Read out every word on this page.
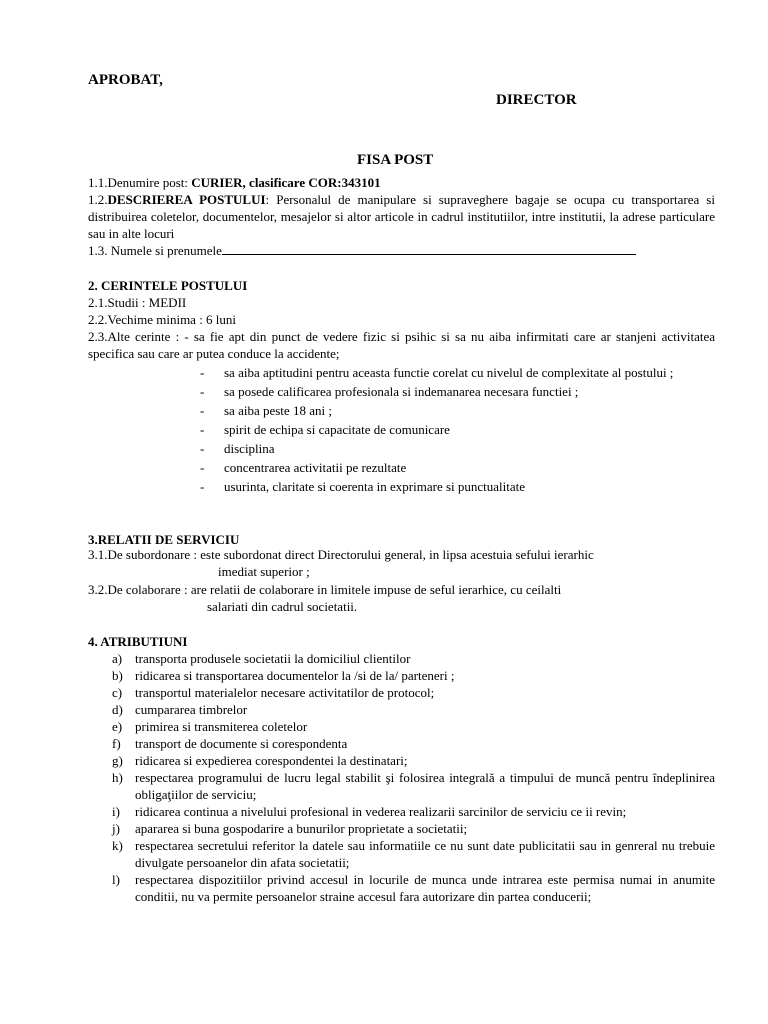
APROBAT,
DIRECTOR
FISA POST
1.1.Denumire post: CURIER, clasificare COR:343101
1.2.DESCRIEREA POSTULUI: Personalul de manipulare si supraveghere bagaje se ocupa cu transportarea si distribuirea coletelor, documentelor, mesajelor si altor articole in cadrul institutiilor, intre institutii, la adrese particulare sau in alte locuri
1.3. Numele si prenumele
2. CERINTELE POSTULUI
2.1.Studii : MEDII
2.2.Vechime minima : 6 luni
2.3.Alte cerinte : - sa fie apt din punct de vedere fizic si psihic si sa nu aiba infirmitati care ar stanjeni activitatea specifica sau care ar putea conduce la accidente;
- sa aiba aptitudini pentru aceasta functie corelat cu nivelul de complexitate al postului ;
- sa posede calificarea profesionala si indemanarea necesara functiei ;
- sa aiba peste 18 ani ;
- spirit de echipa si capacitate de comunicare
- disciplina
- concentrarea activitatii pe rezultate
- usurinta, claritate si coerenta in exprimare si punctualitate
3.RELATII DE SERVICIU
3.1.De subordonare : este subordonat direct Directorului general, in lipsa acestuia sefului ierarhic
imediat superior ;
3.2.De colaborare : are relatii de colaborare in limitele impuse de seful ierarhice, cu ceilalti
salariati din cadrul societatii.
4. ATRIBUTIUNI
a) transporta produsele societatii la domiciliul clientilor
b) ridicarea si transportarea documentelor la /si de la/ parteneri ;
c) transportul materialelor necesare activitatilor de protocol;
d) cumpararea timbrelor
e) primirea si transmiterea coletelor
f) transport de documente si corespondenta
g) ridicarea si expedierea corespondentei la destinatari;
h) respectarea programului de lucru legal stabilit şi folosirea integrală a timpului de muncă pentru îndeplinirea obligaţiilor de serviciu;
i) ridicarea continua a nivelului profesional in vederea realizarii sarcinilor de serviciu ce ii revin;
j) apararea si buna gospodarire a bunurilor proprietate a societatii;
k) respectarea secretului referitor la datele sau informatiile ce nu sunt date publicitatii sau in genreral nu trebuie divulgate persoanelor din afata societatii;
l) respectarea dispozitiilor privind accesul in locurile de munca unde intrarea este permisa numai in anumite conditii, nu va permite persoanelor straine accesul fara autorizare din partea conducerii;
